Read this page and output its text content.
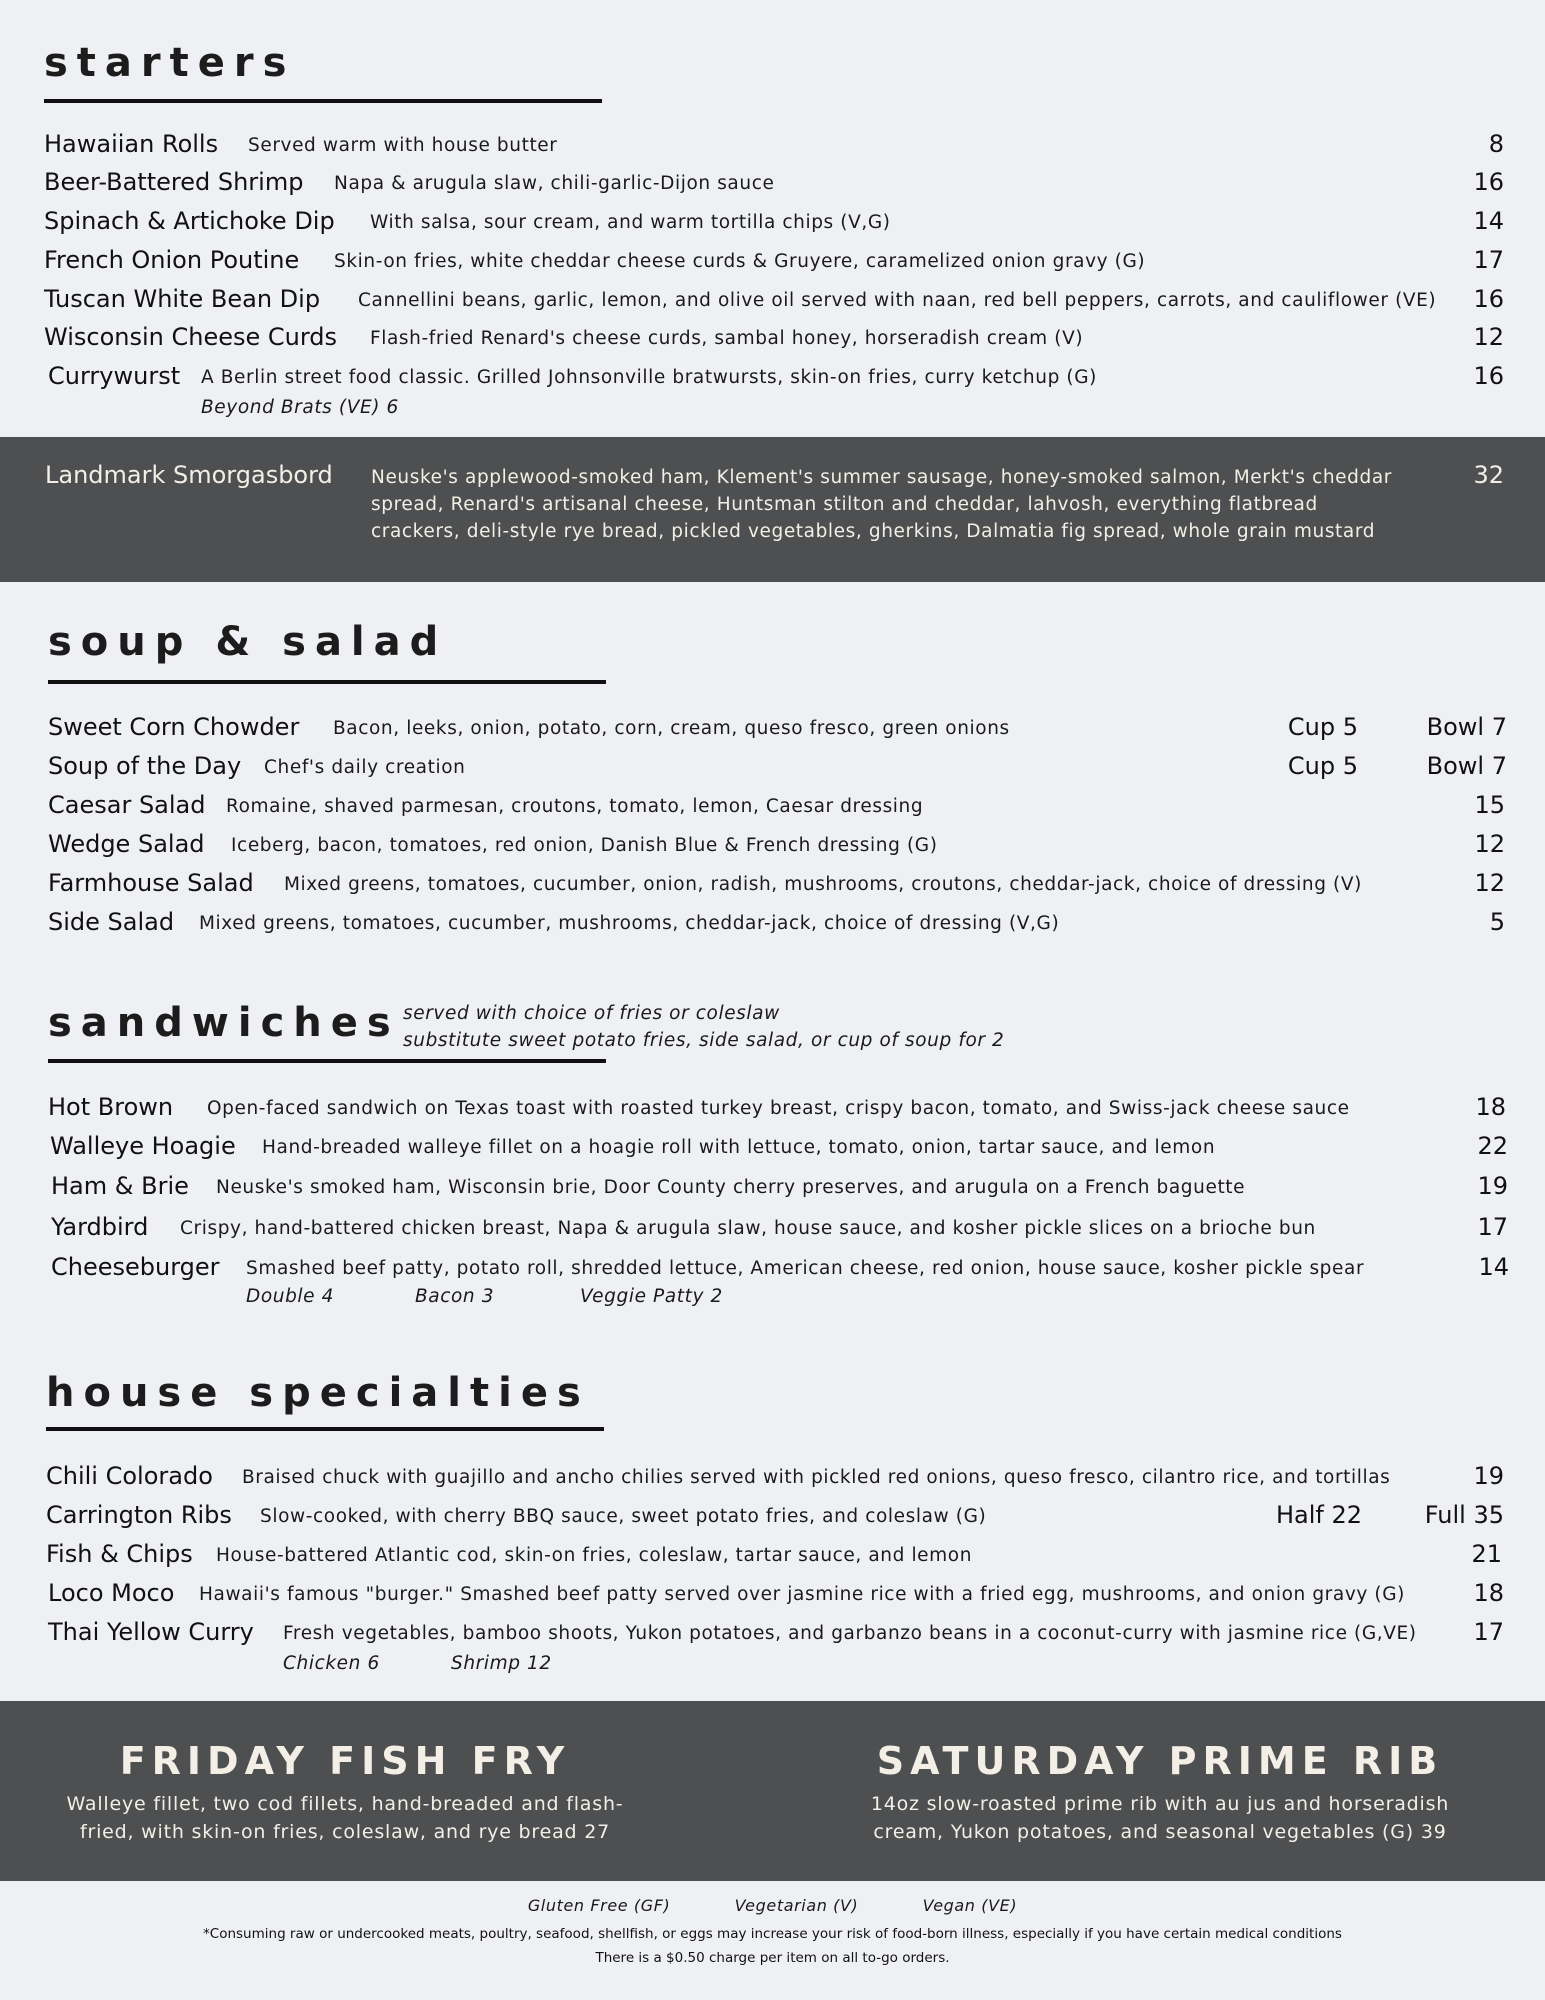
starters
Hawaiian Rolls Served warm with house butter	8
Beer-Battered Shrimp Napa & arugula slaw, chili-garlic-Dijon sauce	16
Spinach & Artichoke Dip With salsa, sour cream, and warm tortilla chips (V,G)	14
French Onion Poutine Skin-on fries, white cheddar cheese curds & Gruyere, caramelized onion gravy (G)	17
Tuscan White Bean Dip Cannellini beans, garlic, lemon, and olive oil served with naan, red bell peppers, carrots, and cauliflower (VE) 16
Wisconsin Cheese Curds Flash-fried Renard's cheese curds, sambal honey, horseradish cream (V)	12
Currywurst A Berlin street food classic. Grilled Johnsonville bratwursts, skin-on fries, curry ketchup (G)	16
Beyond Brats (VE) 6
Landmark Smorgasbord Neuske's applewood-smoked ham, Klement's summer sausage, honey-smoked salmon, Merkt's cheddar
spread, Renard's artisanal cheese, Huntsman stilton and cheddar, lahvosh, everything flatbread
crackers, deli-style rye bread, pickled vegetables, gherkins, Dalmatia fig spread, whole grain mustard
32
soup & salad
Sweet Corn Chowder Bacon, leeks, onion, potato, corn, cream, queso fresco, green onions	Cup 5	Bowl 7
Soup of the Day Chef's daily creation	Cup 5	Bowl 7
Caesar Salad Romaine, shaved parmesan, croutons, tomato, lemon, Caesar dressing	15
Wedge Salad Iceberg, bacon, tomatoes, red onion, Danish Blue & French dressing (G)	12
Farmhouse Salad Mixed greens, tomatoes, cucumber, onion, radish, mushrooms, croutons, cheddar-jack, choice of dressing (V)	12
Side Salad Mixed greens, tomatoes, cucumber, mushrooms, cheddar-jack, choice of dressing (V,G)	5
sandwiches served with choice of fries or coleslaw
substitute sweet potato fries, side salad, or cup of soup for 2
Hot Brown Open-faced sandwich on Texas toast with roasted turkey breast, crispy bacon, tomato, and Swiss-jack cheese sauce	18
Walleye Hoagie Hand-breaded walleye fillet on a hoagie roll with lettuce, tomato, onion, tartar sauce, and lemon	22
Ham & Brie Neuske's smoked ham, Wisconsin brie, Door County cherry preserves, and arugula on a French baguette	19
Yardbird Crispy, hand-battered chicken breast, Napa & arugula slaw, house sauce, and kosher pickle slices on a brioche bun	17
Cheeseburger Smashed beef patty, potato roll, shredded lettuce, American cheese, red onion, house sauce, kosher pickle spear	14
Double 4	Bacon 3	Veggie Patty 2
house specialties
Chili Colorado Braised chuck with guajillo and ancho chilies served with pickled red onions, queso fresco, cilantro rice, and tortillas	19
Carrington Ribs Slow-cooked, with cherry BBQ sauce, sweet potato fries, and coleslaw (G)	Half 22	Full 35
Fish & Chips House-battered Atlantic cod, skin-on fries, coleslaw, tartar sauce, and lemon	21
Loco Moco Hawaii's famous "burger." Smashed beef patty served over jasmine rice with a fried egg, mushrooms, and onion gravy (G)	18
Thai Yellow Curry Fresh vegetables, bamboo shoots, Yukon potatoes, and garbanzo beans in a coconut-curry with jasmine rice (G,VE) 17
Chicken 6	Shrimp 12
FRIDAY FISH FRY
Walleye fillet, two cod fillets, hand-breaded and flash-
fried, with skin-on fries, coleslaw, and rye bread 27
SATURDAY PRIME RIB
14oz slow-roasted prime rib with au jus and horseradish
cream, Yukon potatoes, and seasonal vegetables (G) 39
Gluten Free (GF)	Vegetarian (V)	Vegan (VE)
*Consuming raw or undercooked meats, poultry, seafood, shellfish, or eggs may increase your risk of food-born illness, especially if you have certain medical conditions
There is a $0.50 charge per item on all to-go orders.
